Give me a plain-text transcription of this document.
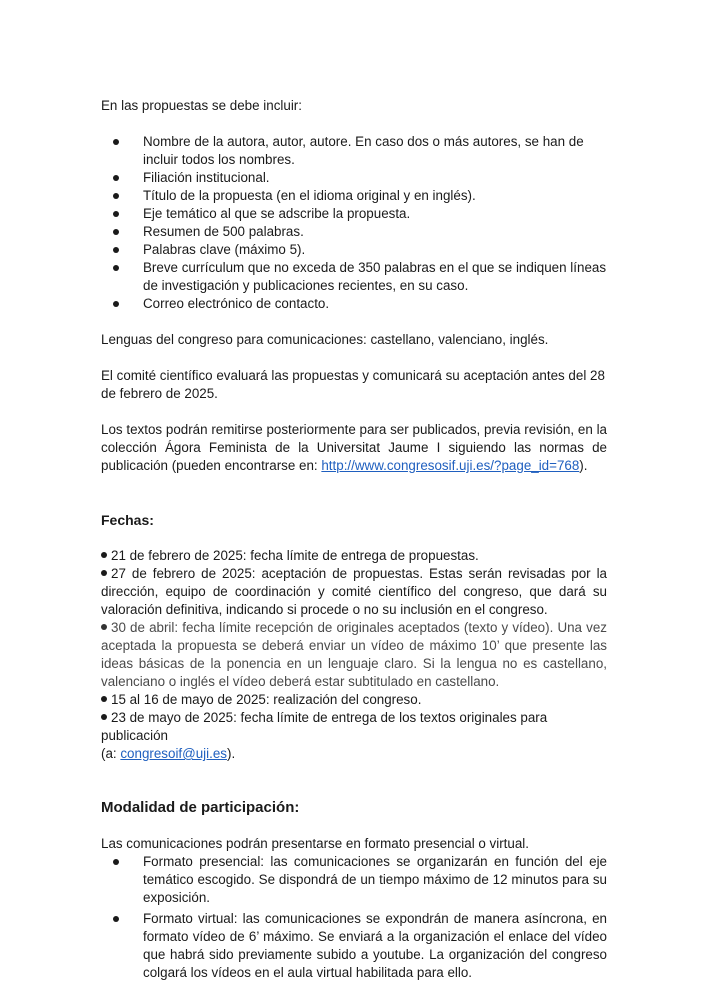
En las propuestas se debe incluir:

Nombre de la autora, autor, autore. En caso dos o más autores, se han de incluir todos los nombres.
Filiación institucional.
Título de la propuesta (en el idioma original y en inglés).
Eje temático al que se adscribe la propuesta.
Resumen de 500 palabras.
Palabras clave (máximo 5).
Breve currículum que no exceda de 350 palabras en el que se indiquen líneas de investigación y publicaciones recientes, en su caso.
Correo electrónico de contacto.

Lenguas del congreso para comunicaciones: castellano, valenciano, inglés.

El comité científico evaluará las propuestas y comunicará su aceptación antes del 28 de febrero de 2025.

Los textos podrán remitirse posteriormente para ser publicados, previa revisión, en la colección Ágora Feminista de la Universitat Jaume I siguiendo las normas de publicación (pueden encontrarse en: http://www.congresosif.uji.es/?page_id=768).

Fechas:

21 de febrero de 2025: fecha límite de entrega de propuestas.

27 de febrero de 2025: aceptación de propuestas. Estas serán revisadas por la dirección, equipo de coordinación y comité científico del congreso, que dará su valoración definitiva, indicando si procede o no su inclusión en el congreso.

30 de abril: fecha límite recepción de originales aceptados (texto y vídeo). Una vez aceptada la propuesta se deberá enviar un vídeo de máximo 10’ que presente las ideas básicas de la ponencia en un lenguaje claro. Si la lengua no es castellano, valenciano o inglés el vídeo deberá estar subtitulado en castellano.

15 al 16 de mayo de 2025: realización del congreso.

23 de mayo de 2025: fecha límite de entrega de los textos originales para publicación
(a: congresoif@uji.es).

Modalidad de participación:

Las comunicaciones podrán presentarse en formato presencial o virtual.

Formato presencial: las comunicaciones se organizarán en función del eje temático escogido. Se dispondrá de un tiempo máximo de 12 minutos para su exposición.
Formato virtual: las comunicaciones se expondrán de manera asíncrona, en formato vídeo de 6’ máximo. Se enviará a la organización el enlace del vídeo que habrá sido previamente subido a youtube. La organización del congreso colgará los vídeos en el aula virtual habilitada para ello.
